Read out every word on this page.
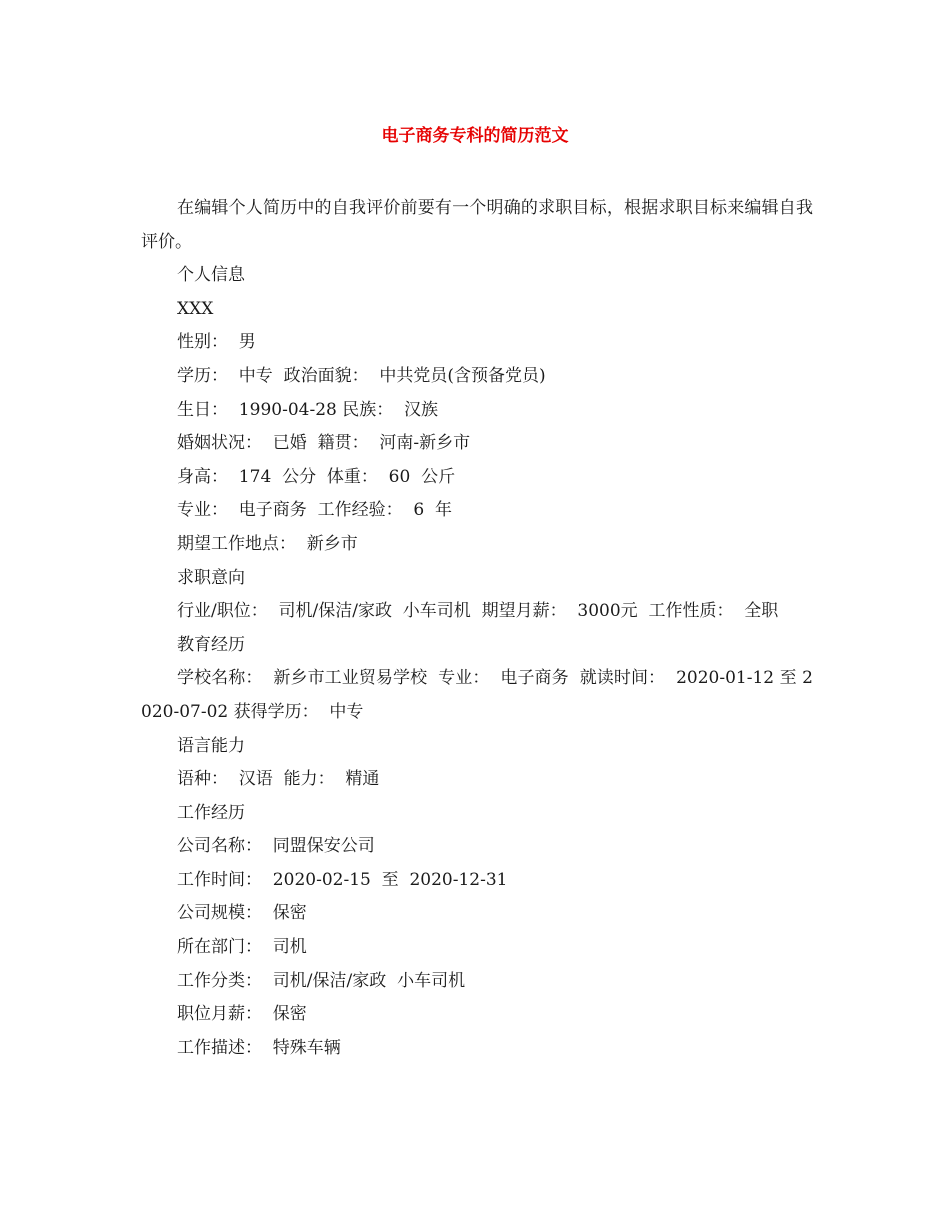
电子商务专科的简历范文

在编辑个人简历中的自我评价前要有一个明确的求职目标，根据求职目标来编辑自我评价。

个人信息

XXX

性别：  男

学历：  中专  政治面貌：  中共党员(含预备党员)

生日：  1990-04-28 民族：  汉族

婚姻状况：  已婚  籍贯：  河南-新乡市

身高：  174  公分  体重：  60  公斤

专业：  电子商务  工作经验：  6  年

期望工作地点：  新乡市

求职意向

行业/职位：  司机/保洁/家政  小车司机  期望月薪：  3000元  工作性质：  全职

教育经历

学校名称：  新乡市工业贸易学校  专业：  电子商务  就读时间：  2020-01-12 至 2020-07-02 获得学历：  中专

语言能力

语种：  汉语  能力：  精通

工作经历

公司名称：  同盟保安公司

工作时间：  2020-02-15  至  2020-12-31

公司规模：  保密

所在部门：  司机

工作分类：  司机/保洁/家政  小车司机

职位月薪：  保密

工作描述：  特殊车辆
